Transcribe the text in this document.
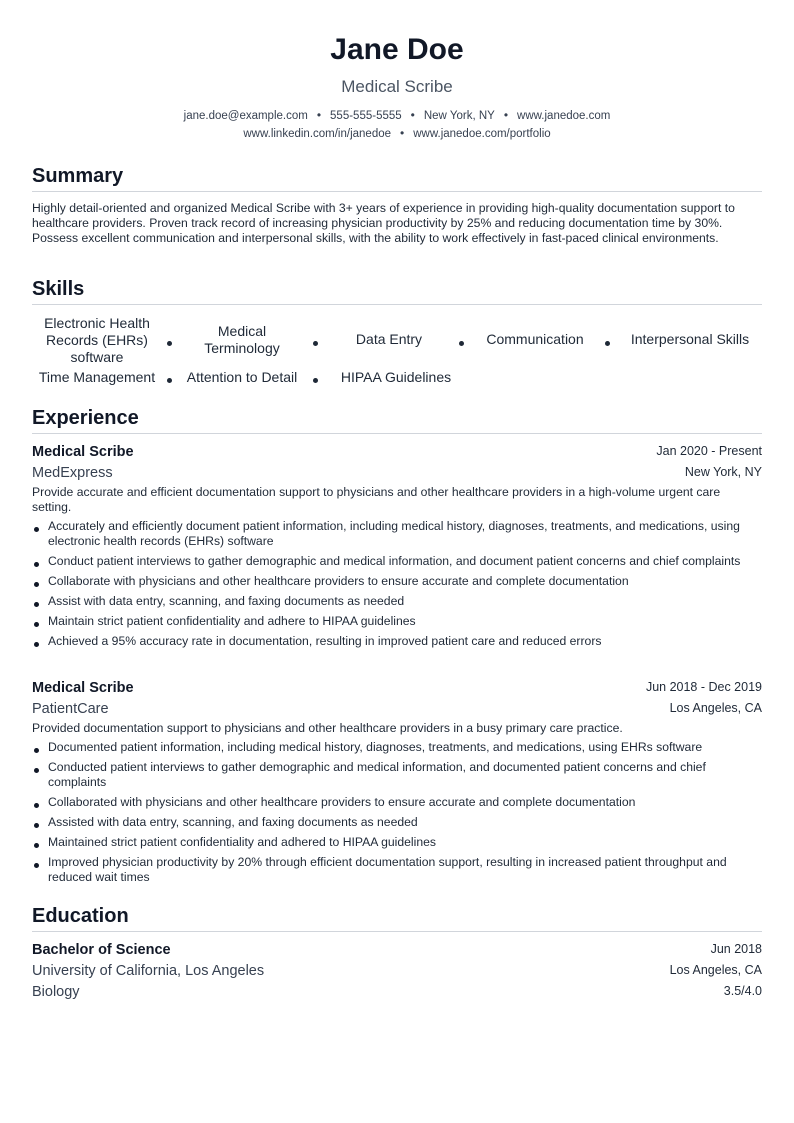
Jane Doe
Medical Scribe
jane.doe@example.com • 555-555-5555 • New York, NY • www.janedoe.com
www.linkedin.com/in/janedoe • www.janedoe.com/portfolio
Summary
Highly detail-oriented and organized Medical Scribe with 3+ years of experience in providing high-quality documentation support to healthcare providers. Proven track record of increasing physician productivity by 25% and reducing documentation time by 30%. Possess excellent communication and interpersonal skills, with the ability to work effectively in fast-paced clinical environments.
Skills
Electronic Health Records (EHRs) software
Medical Terminology
Data Entry	Communication	Interpersonal Skills
Time Management	Attention to Detail	HIPAA Guidelines
Experience
Medical Scribe	Jan 2020 - Present
MedExpress	New York, NY
Provide accurate and efficient documentation support to physicians and other healthcare providers in a high-volume urgent care setting.
Accurately and efficiently document patient information, including medical history, diagnoses, treatments, and medications, using electronic health records (EHRs) software
Conduct patient interviews to gather demographic and medical information, and document patient concerns and chief complaints
Collaborate with physicians and other healthcare providers to ensure accurate and complete documentation
Assist with data entry, scanning, and faxing documents as needed
Maintain strict patient confidentiality and adhere to HIPAA guidelines
Achieved a 95% accuracy rate in documentation, resulting in improved patient care and reduced errors
Medical Scribe	Jun 2018 - Dec 2019
PatientCare	Los Angeles, CA
Provided documentation support to physicians and other healthcare providers in a busy primary care practice.
Documented patient information, including medical history, diagnoses, treatments, and medications, using EHRs software
Conducted patient interviews to gather demographic and medical information, and documented patient concerns and chief complaints
Collaborated with physicians and other healthcare providers to ensure accurate and complete documentation
Assisted with data entry, scanning, and faxing documents as needed
Maintained strict patient confidentiality and adhered to HIPAA guidelines
Improved physician productivity by 20% through efficient documentation support, resulting in increased patient throughput and reduced wait times
Education
Bachelor of Science	Jun 2018
University of California, Los Angeles	Los Angeles, CA
Biology	3.5/4.0
